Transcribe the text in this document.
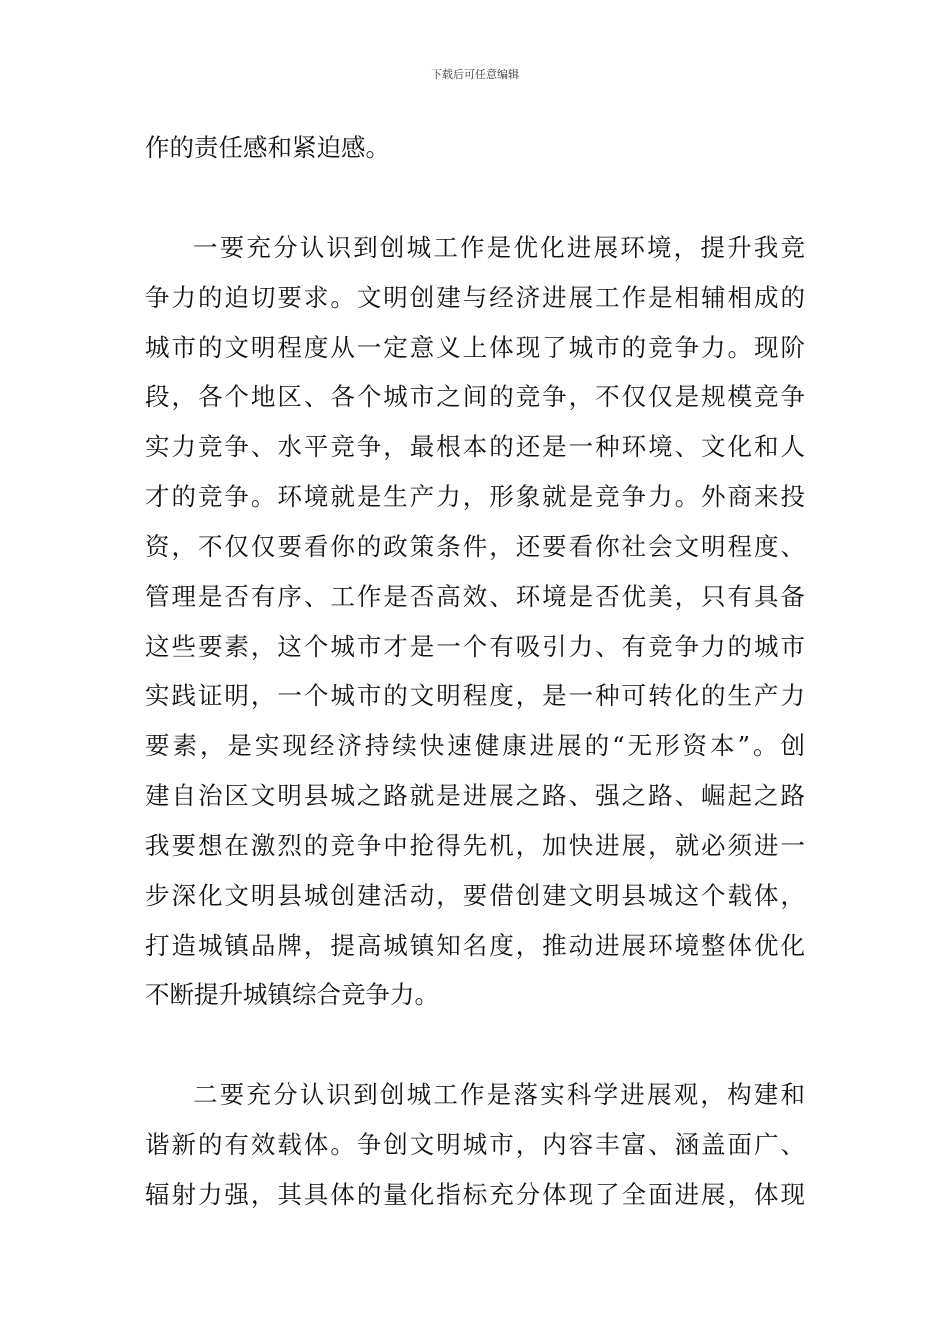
下载后可任意编辑
作的责任感和紧迫感。
一要充分认识到创城工作是优化进展环境，提升我竞
争力的迫切要求。文明创建与经济进展工作是相辅相成的
城市的文明程度从一定意义上体现了城市的竞争力。现阶
段，各个地区、各个城市之间的竞争，不仅仅是规模竞争
实力竞争、水平竞争，最根本的还是一种环境、文化和人
才的竞争。环境就是生产力，形象就是竞争力。外商来投
资，不仅仅要看你的政策条件，还要看你社会文明程度、
管理是否有序、工作是否高效、环境是否优美，只有具备
这些要素，这个城市才是一个有吸引力、有竞争力的城市
实践证明，一个城市的文明程度，是一种可转化的生产力
要素，是实现经济持续快速健康进展的“无形资本”。创
建自治区文明县城之路就是进展之路、强之路、崛起之路
我要想在激烈的竞争中抢得先机，加快进展，就必须进一
步深化文明县城创建活动，要借创建文明县城这个载体，
打造城镇品牌，提高城镇知名度，推动进展环境整体优化
不断提升城镇综合竞争力。
二要充分认识到创城工作是落实科学进展观，构建和
谐新的有效载体。争创文明城市，内容丰富、涵盖面广、
辐射力强，其具体的量化指标充分体现了全面进展，体现
